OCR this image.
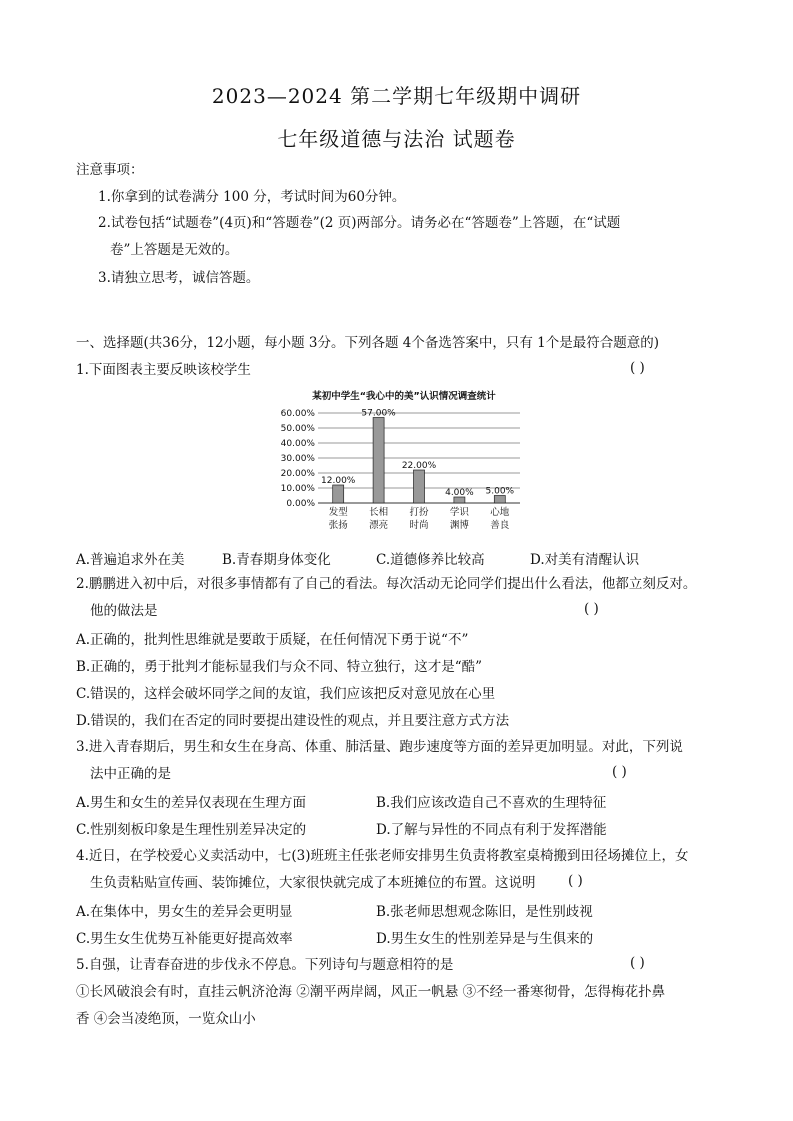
2023—2024 第二学期七年级期中调研
七年级道德与法治 试题卷
注意事项：
1.你拿到的试卷满分 100 分，考试时间为60分钟。
2.试卷包括“试题卷”(4页)和“答题卷”(2 页)两部分。请务必在“答题卷”上答题，在“试题
卷”上答题是无效的。
3.请独立思考，诚信答题。
一、选择题(共36分，12小题，每小题 3分。下列各题 4个备选答案中，只有 1个是最符合题意的)
1.下面图表主要反映该校学生	( )
某初中学生“我心中的美”认识情况调查统计
60.00%
50.00%
40.00%
30.00%
20.00%
10.00%
0.00%
12.00%
57.00%
22.00%
4.00% 5.00%
发型
张扬
长相
漂亮
打扮
时尚
学识
渊博
心地
善良
A.普遍追求外在美	B.青春期身体变化	C.道德修养比较高	D.对美有清醒认识
2.鹏鹏进入初中后，对很多事情都有了自己的看法。每次活动无论同学们提出什么看法，他都立刻反对。
他的做法是	( )
A.正确的，批判性思维就是要敢于质疑，在任何情况下勇于说“不”
B.正确的，勇于批判才能标显我们与众不同、特立独行，这才是“酷”
C.错误的，这样会破坏同学之间的友谊，我们应该把反对意见放在心里
D.错误的，我们在否定的同时要提出建设性的观点，并且要注意方式方法
3.进入青春期后，男生和女生在身高、体重、肺活量、跑步速度等方面的差异更加明显。对此，下列说
法中正确的是	( )
A.男生和女生的差异仅表现在生理方面	B.我们应该改造自己不喜欢的生理特征
C.性别刻板印象是生理性别差异决定的	D.了解与异性的不同点有利于发挥潜能
4.近日，在学校爱心义卖活动中，七(3)班班主任张老师安排男生负责将教室桌椅搬到田径场摊位上，女
生负责粘贴宣传画、装饰摊位，大家很快就完成了本班摊位的布置。这说明 ( )
A.在集体中，男女生的差异会更明显	B.张老师思想观念陈旧，是性别歧视
C.男生女生优势互补能更好提高效率	D.男生女生的性别差异是与生俱来的
5.自强，让青春奋进的步伐永不停息。下列诗句与题意相符的是	( )
①长风破浪会有时，直挂云帆济沧海 ②潮平两岸阔，风正一帆悬 ③不经一番寒彻骨，怎得梅花扑鼻
香 ④会当凌绝顶，一览众山小
